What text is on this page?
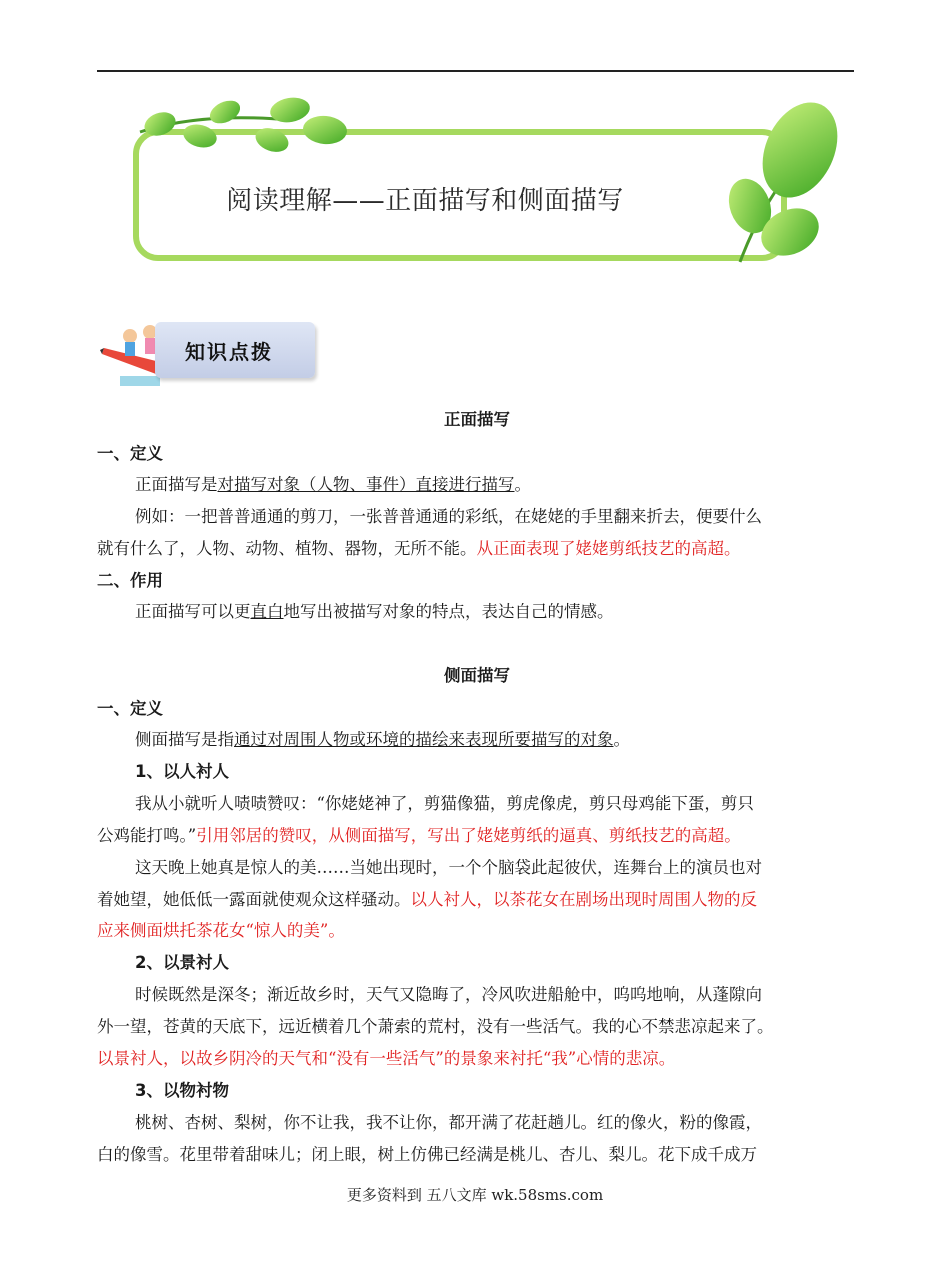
阅读理解——正面描写和侧面描写
知识点拨
正面描写
一、定义
正面描写是对描写对象（人物、事件）直接进行描写。
例如：一把普普通通的剪刀，一张普普通通的彩纸，在姥姥的手里翻来折去，便要什么
就有什么了，人物、动物、植物、器物，无所不能。从正面表现了姥姥剪纸技艺的高超。
二、作用
正面描写可以更直白地写出被描写对象的特点，表达自己的情感。
侧面描写
一、定义
侧面描写是指通过对周围人物或环境的描绘来表现所要描写的对象。
1、以人衬人
我从小就听人啧啧赞叹：“你姥姥神了，剪猫像猫，剪虎像虎，剪只母鸡能下蛋，剪只
公鸡能打鸣。”引用邻居的赞叹，从侧面描写，写出了姥姥剪纸的逼真、剪纸技艺的高超。
这天晚上她真是惊人的美……当她出现时，一个个脑袋此起彼伏，连舞台上的演员也对
着她望，她低低一露面就使观众这样骚动。以人衬人，以茶花女在剧场出现时周围人物的反
应来侧面烘托茶花女“惊人的美”。
2、以景衬人
时候既然是深冬；渐近故乡时，天气又隐晦了，冷风吹进船舱中，呜呜地响，从蓬隙向
外一望，苍黄的天底下，远近横着几个萧索的荒村，没有一些活气。我的心不禁悲凉起来了。
以景衬人，以故乡阴冷的天气和“没有一些活气”的景象来衬托“我”心情的悲凉。
3、以物衬物
桃树、杏树、梨树，你不让我，我不让你，都开满了花赶趟儿。红的像火，粉的像霞，
白的像雪。花里带着甜味儿；闭上眼，树上仿佛已经满是桃儿、杏儿、梨儿。花下成千成万
更多资料到 五八文库 wk.58sms.com
